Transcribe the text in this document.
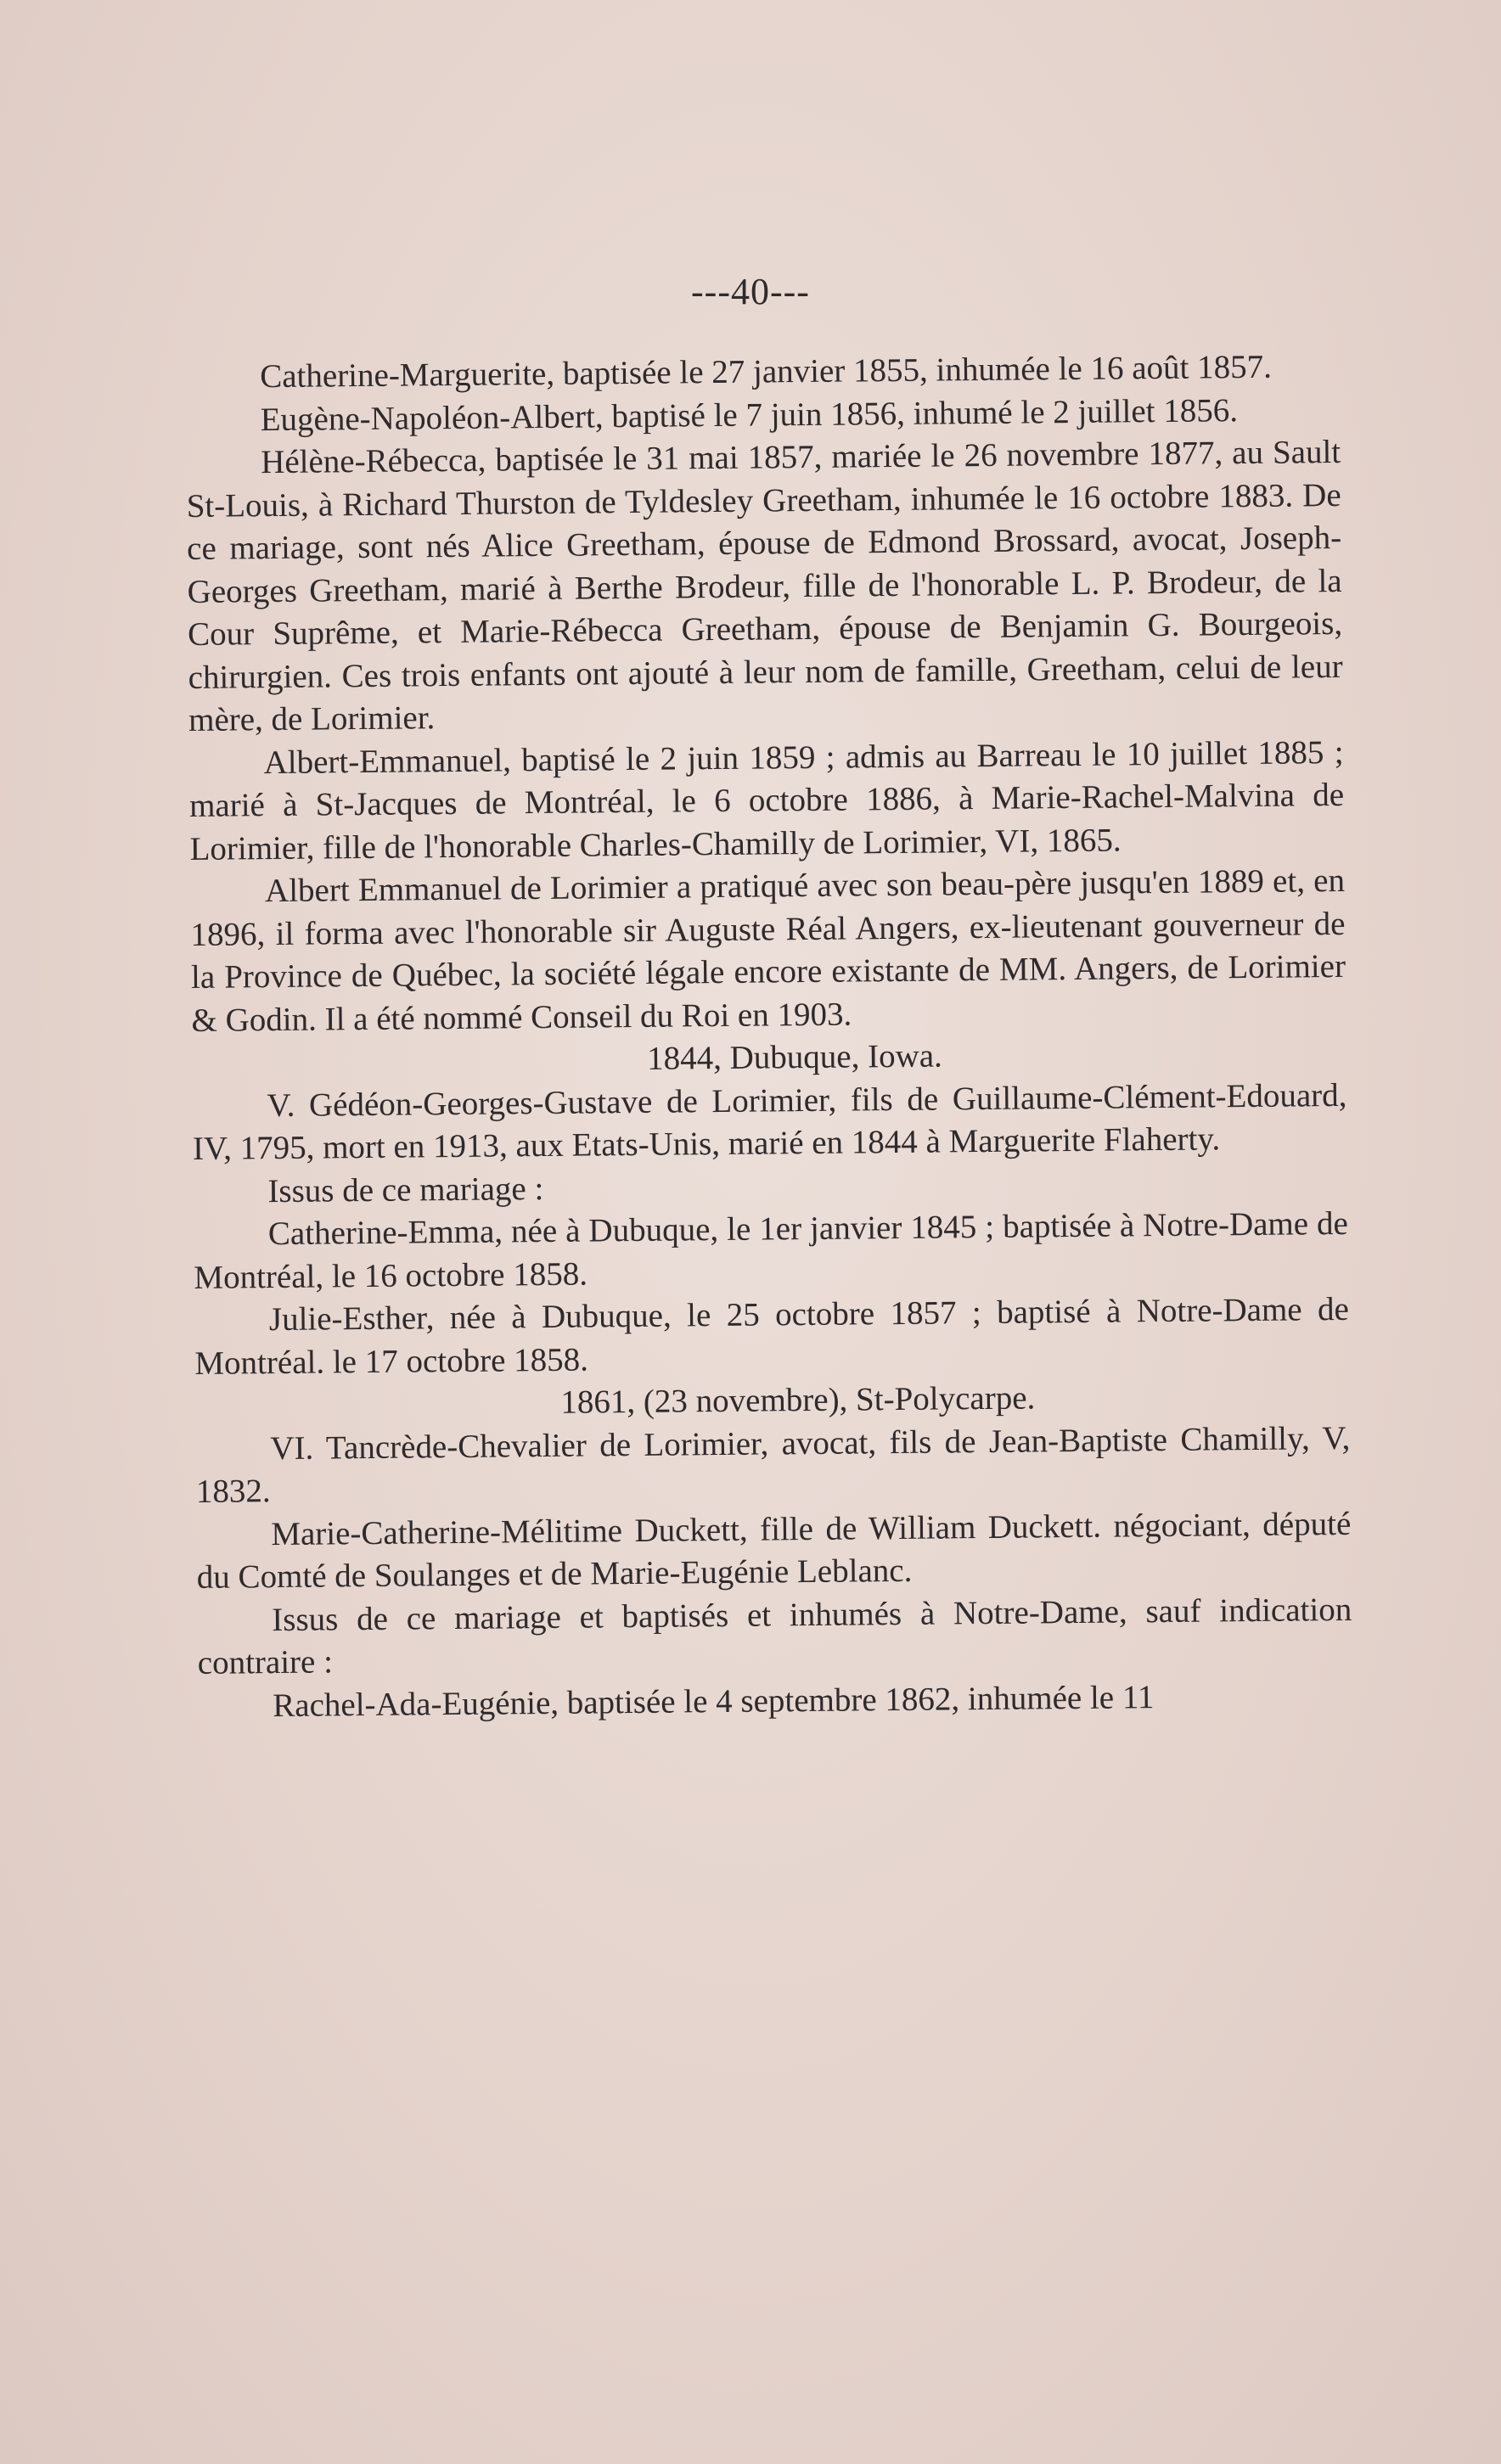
---40---

Catherine-Marguerite, baptisée le 27 janvier 1855, inhumée le 16 août 1857.

Eugène-Napoléon-Albert, baptisé le 7 juin 1856, inhumé le 2 juillet 1856.

Hélène-Rébecca, baptisée le 31 mai 1857, mariée le 26 novembre 1877, au Sault St-Louis, à Richard Thurston de Tyldesley Greetham, inhumée le 16 octobre 1883. De ce mariage, sont nés Alice Greetham, épouse de Edmond Brossard, avocat, Joseph-Georges Greetham, marié à Berthe Brodeur, fille de l'honorable L. P. Brodeur, de la Cour Suprême, et Marie-Rébecca Greetham, épouse de Benjamin G. Bourgeois, chirurgien. Ces trois enfants ont ajouté à leur nom de famille, Greetham, celui de leur mère, de Lorimier.

Albert-Emmanuel, baptisé le 2 juin 1859 ; admis au Barreau le 10 juillet 1885 ; marié à St-Jacques de Montréal, le 6 octobre 1886, à Marie-Rachel-Malvina de Lorimier, fille de l'honorable Charles-Chamilly de Lorimier, VI, 1865.

Albert Emmanuel de Lorimier a pratiqué avec son beau-père jusqu'en 1889 et, en 1896, il forma avec l'honorable sir Auguste Réal Angers, ex-lieutenant gouverneur de la Province de Québec, la société légale encore existante de MM. Angers, de Lorimier & Godin. Il a été nommé Conseil du Roi en 1903.

1844, Dubuque, Iowa.

V. Gédéon-Georges-Gustave de Lorimier, fils de Guillaume-Clément-Edouard, IV, 1795, mort en 1913, aux Etats-Unis, marié en 1844 à Marguerite Flaherty.

Issus de ce mariage :

Catherine-Emma, née à Dubuque, le 1er janvier 1845 ; baptisée à Notre-Dame de Montréal, le 16 octobre 1858.

Julie-Esther, née à Dubuque, le 25 octobre 1857 ; baptisé à Notre-Dame de Montréal. le 17 octobre 1858.

1861, (23 novembre), St-Polycarpe.

VI. Tancrède-Chevalier de Lorimier, avocat, fils de Jean-Baptiste Chamilly, V, 1832.

Marie-Catherine-Mélitime Duckett, fille de William Duckett. négociant, député du Comté de Soulanges et de Marie-Eugénie Leblanc.

Issus de ce mariage et baptisés et inhumés à Notre-Dame, sauf indication contraire :

Rachel-Ada-Eugénie, baptisée le 4 septembre 1862, inhumée le 11
